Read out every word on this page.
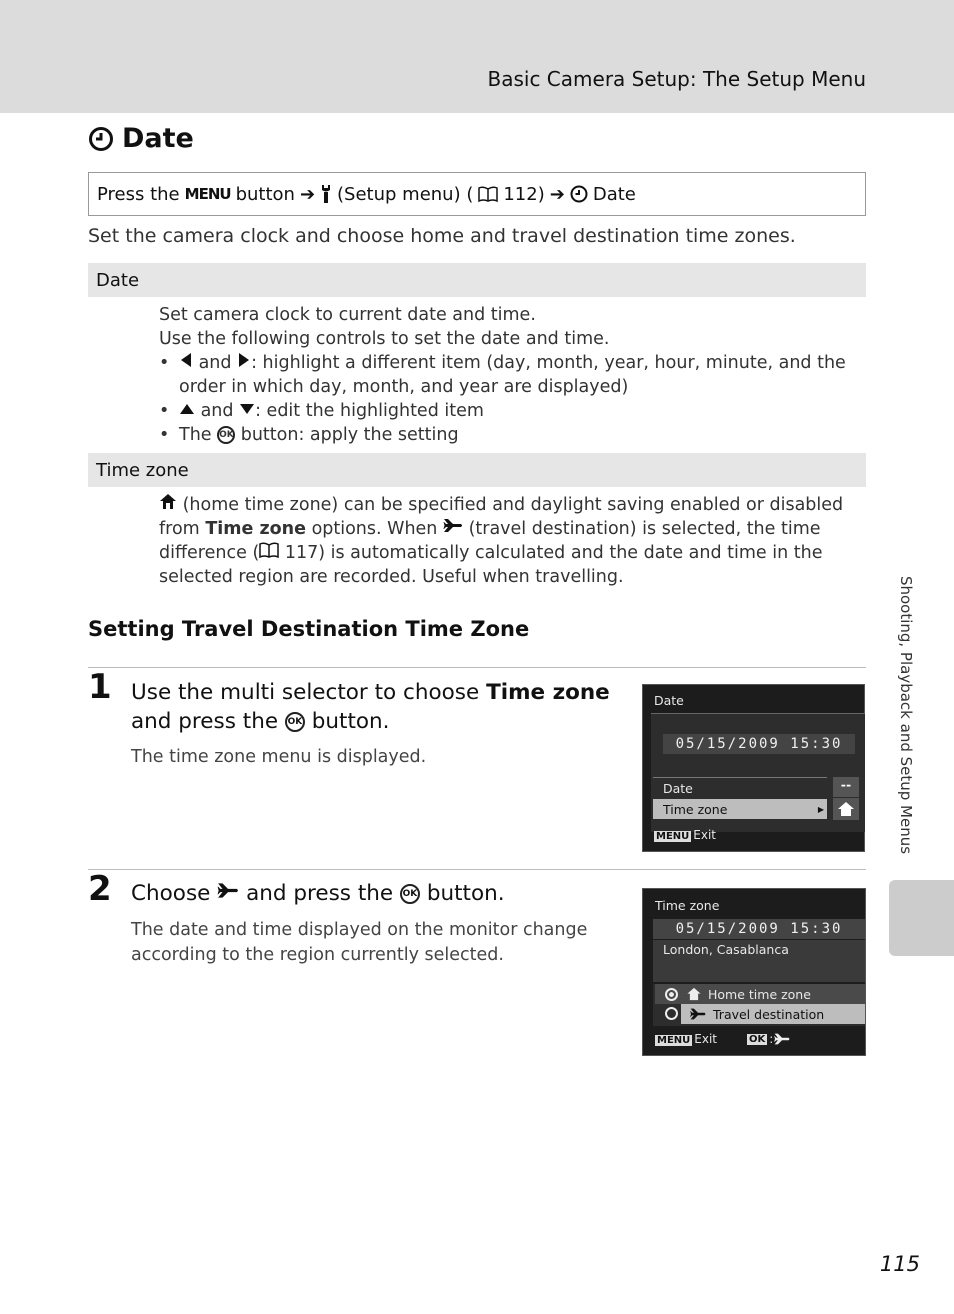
Basic Camera Setup: The Setup Menu
Date
Press the MENU button ➔ (Setup menu) ( 112) ➔ Date
Set the camera clock and choose home and travel destination time zones.
Date
Set camera clock to current date and time.
Use the following controls to set the date and time.
• and : highlight a different item (day, month, year, hour, minute, and the order in which day, month, and year are displayed)
• and : edit the highlighted item
• The OK button: apply the setting
Time zone
(home time zone) can be specified and daylight saving enabled or disabled from Time zone options. When (travel destination) is selected, the time difference ( 117) is automatically calculated and the date and time in the selected region are recorded. Useful when travelling.
Setting Travel Destination Time Zone
1 Use the multi selector to choose Time zone and press the OK button.
The time zone menu is displayed.
Date
05/15/2009 15:30
Date
Time zone	▶
--
MENU Exit
2 Choose and press the OK button.
The date and time displayed on the monitor change according to the region currently selected.
Time zone
05/15/2009 15:30
London, Casablanca
Home time zone
Travel destination
MENU Exit	OK :
Shooting, Playback and Setup Menus
115
